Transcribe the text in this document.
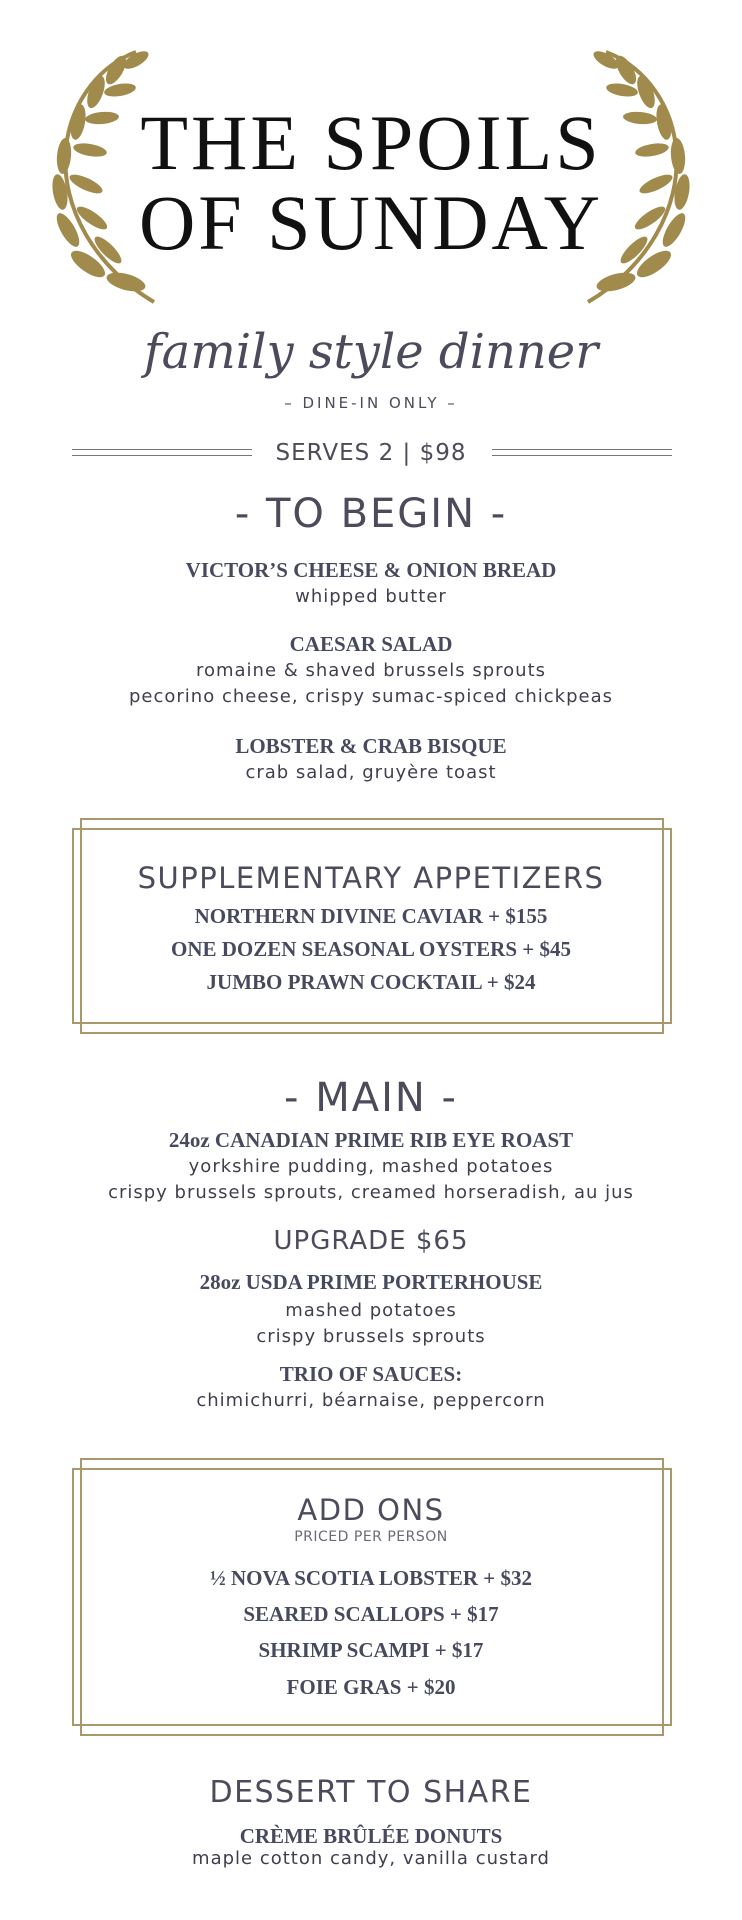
THE SPOILS
OF SUNDAY
family style dinner
– DINE-IN ONLY –
SERVES 2 | $98
- TO BEGIN -
VICTOR’S CHEESE & ONION BREAD
whipped butter
CAESAR SALAD
romaine & shaved brussels sprouts
pecorino cheese, crispy sumac-spiced chickpeas
LOBSTER & CRAB BISQUE
crab salad, gruyère toast
SUPPLEMENTARY APPETIZERS
NORTHERN DIVINE CAVIAR + $155
ONE DOZEN SEASONAL OYSTERS + $45
JUMBO PRAWN COCKTAIL + $24
- MAIN -
24oz CANADIAN PRIME RIB EYE ROAST
yorkshire pudding, mashed potatoes
crispy brussels sprouts, creamed horseradish, au jus
UPGRADE $65
28oz USDA PRIME PORTERHOUSE
mashed potatoes
crispy brussels sprouts
TRIO OF SAUCES:
chimichurri, béarnaise, peppercorn
ADD ONS
PRICED PER PERSON
½ NOVA SCOTIA LOBSTER + $32
SEARED SCALLOPS + $17
SHRIMP SCAMPI + $17
FOIE GRAS + $20
DESSERT TO SHARE
CRÈME BRÛLÉE DONUTS
maple cotton candy, vanilla custard
